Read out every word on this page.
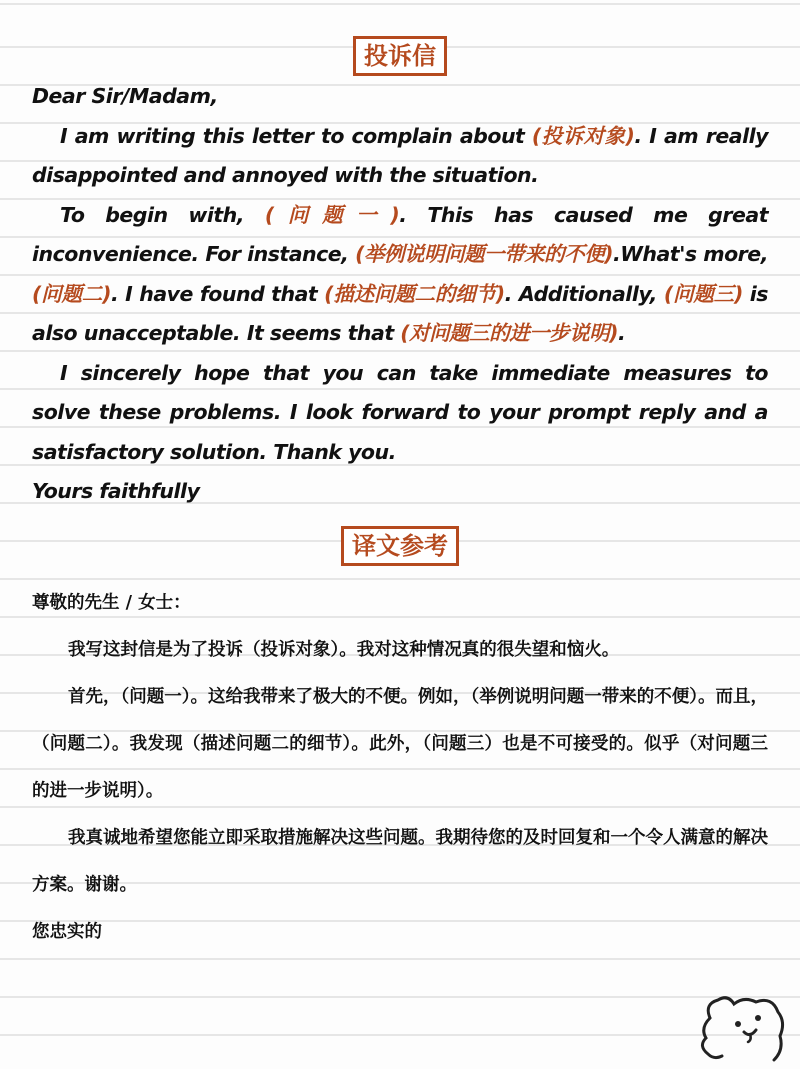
投诉信

Dear Sir/Madam,

I am writing this letter to complain about (投诉对象). I am really disappointed and annoyed with the situation.

To begin with, (问题一). This has caused me great inconvenience. For instance, (举例说明问题一带来的不便).What's more, (问题二). I have found that (描述问题二的细节). Additionally, (问题三) is also unacceptable. It seems that (对问题三的进一步说明).

I sincerely hope that you can take immediate measures to solve these problems. I look forward to your prompt reply and a satisfactory solution. Thank you.

Yours faithfully

译文参考

尊敬的先生 / 女士：

我写这封信是为了投诉（投诉对象）。我对这种情况真的很失望和恼火。

首先，（问题一）。这给我带来了极大的不便。例如，（举例说明问题一带来的不便）。而且，（问题二）。我发现（描述问题二的细节）。此外，（问题三）也是不可接受的。似乎（对问题三的进一步说明）。

我真诚地希望您能立即采取措施解决这些问题。我期待您的及时回复和一个令人满意的解决方案。谢谢。

您忠实的
